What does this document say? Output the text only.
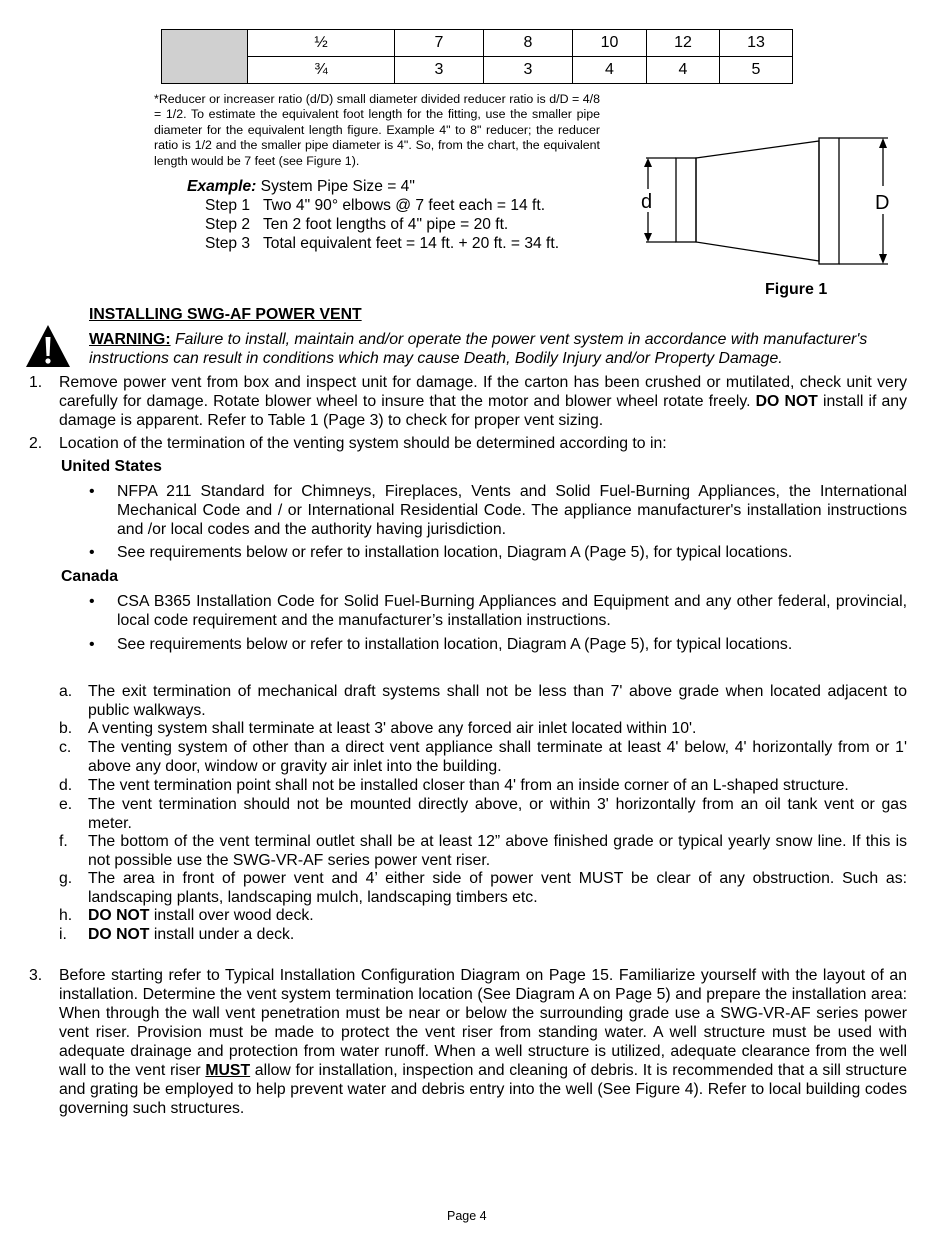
	½	7	8	10	12	13
	¾	3	3	4	4	5
*Reducer or increaser ratio (d/D) small diameter divided reducer ratio is d/D = 4/8 = 1/2. To estimate the equivalent foot length for the fitting, use the smaller pipe diameter for the equivalent length figure. Example 4" to 8" reducer; the reducer ratio is 1/2 and the smaller pipe diameter is 4". So, from the chart, the equivalent length would be 7 feet (see Figure 1).
Example: System Pipe Size = 4"
Step 1 Two 4" 90° elbows @ 7 feet each = 14 ft.
Step 2 Ten 2 foot lengths of 4" pipe = 20 ft.
Step 3 Total equivalent feet = 14 ft. + 20 ft. = 34 ft.
d	D
Figure 1
INSTALLING SWG-AF POWER VENT
WARNING: Failure to install, maintain and/or operate the power vent system in accordance with manufacturer's instructions can result in conditions which may cause Death, Bodily Injury and/or Property Damage.
1. Remove power vent from box and inspect unit for damage. If the carton has been crushed or mutilated, check unit very carefully for damage. Rotate blower wheel to insure that the motor and blower wheel rotate freely. DO NOT install if any damage is apparent. Refer to Table 1 (Page 3) to check for proper vent sizing.
2. Location of the termination of the venting system should be determined according to in:
United States
• NFPA 211 Standard for Chimneys, Fireplaces, Vents and Solid Fuel-Burning Appliances, the International Mechanical Code and / or International Residential Code. The appliance manufacturer's installation instructions and /or local codes and the authority having jurisdiction.
• See requirements below or refer to installation location, Diagram A (Page 5), for typical locations.
Canada
• CSA B365 Installation Code for Solid Fuel-Burning Appliances and Equipment and any other federal, provincial, local code requirement and the manufacturer’s installation instructions.
• See requirements below or refer to installation location, Diagram A (Page 5), for typical locations.
a. The exit termination of mechanical draft systems shall not be less than 7' above grade when located adjacent to public walkways.
b. A venting system shall terminate at least 3' above any forced air inlet located within 10'.
c. The venting system of other than a direct vent appliance shall terminate at least 4' below, 4' horizontally from or 1' above any door, window or gravity air inlet into the building.
d. The vent termination point shall not be installed closer than 4' from an inside corner of an L-shaped structure.
e. The vent termination should not be mounted directly above, or within 3' horizontally from an oil tank vent or gas meter.
f. The bottom of the vent terminal outlet shall be at least 12” above finished grade or typical yearly snow line. If this is not possible use the SWG-VR-AF series power vent riser.
g. The area in front of power vent and 4’ either side of power vent MUST be clear of any obstruction. Such as: landscaping plants, landscaping mulch, landscaping timbers etc.
h. DO NOT install over wood deck.
i. DO NOT install under a deck.
3. Before starting refer to Typical Installation Configuration Diagram on Page 15. Familiarize yourself with the layout of an installation. Determine the vent system termination location (See Diagram A on Page 5) and prepare the installation area: When through the wall vent penetration must be near or below the surrounding grade use a SWG-VR-AF series power vent riser. Provision must be made to protect the vent riser from standing water. A well structure must be used with adequate drainage and protection from water runoff. When a well structure is utilized, adequate clearance from the well wall to the vent riser MUST allow for installation, inspection and cleaning of debris. It is recommended that a sill structure and grating be employed to help prevent water and debris entry into the well (See Figure 4). Refer to local building codes governing such structures.
Page 4
